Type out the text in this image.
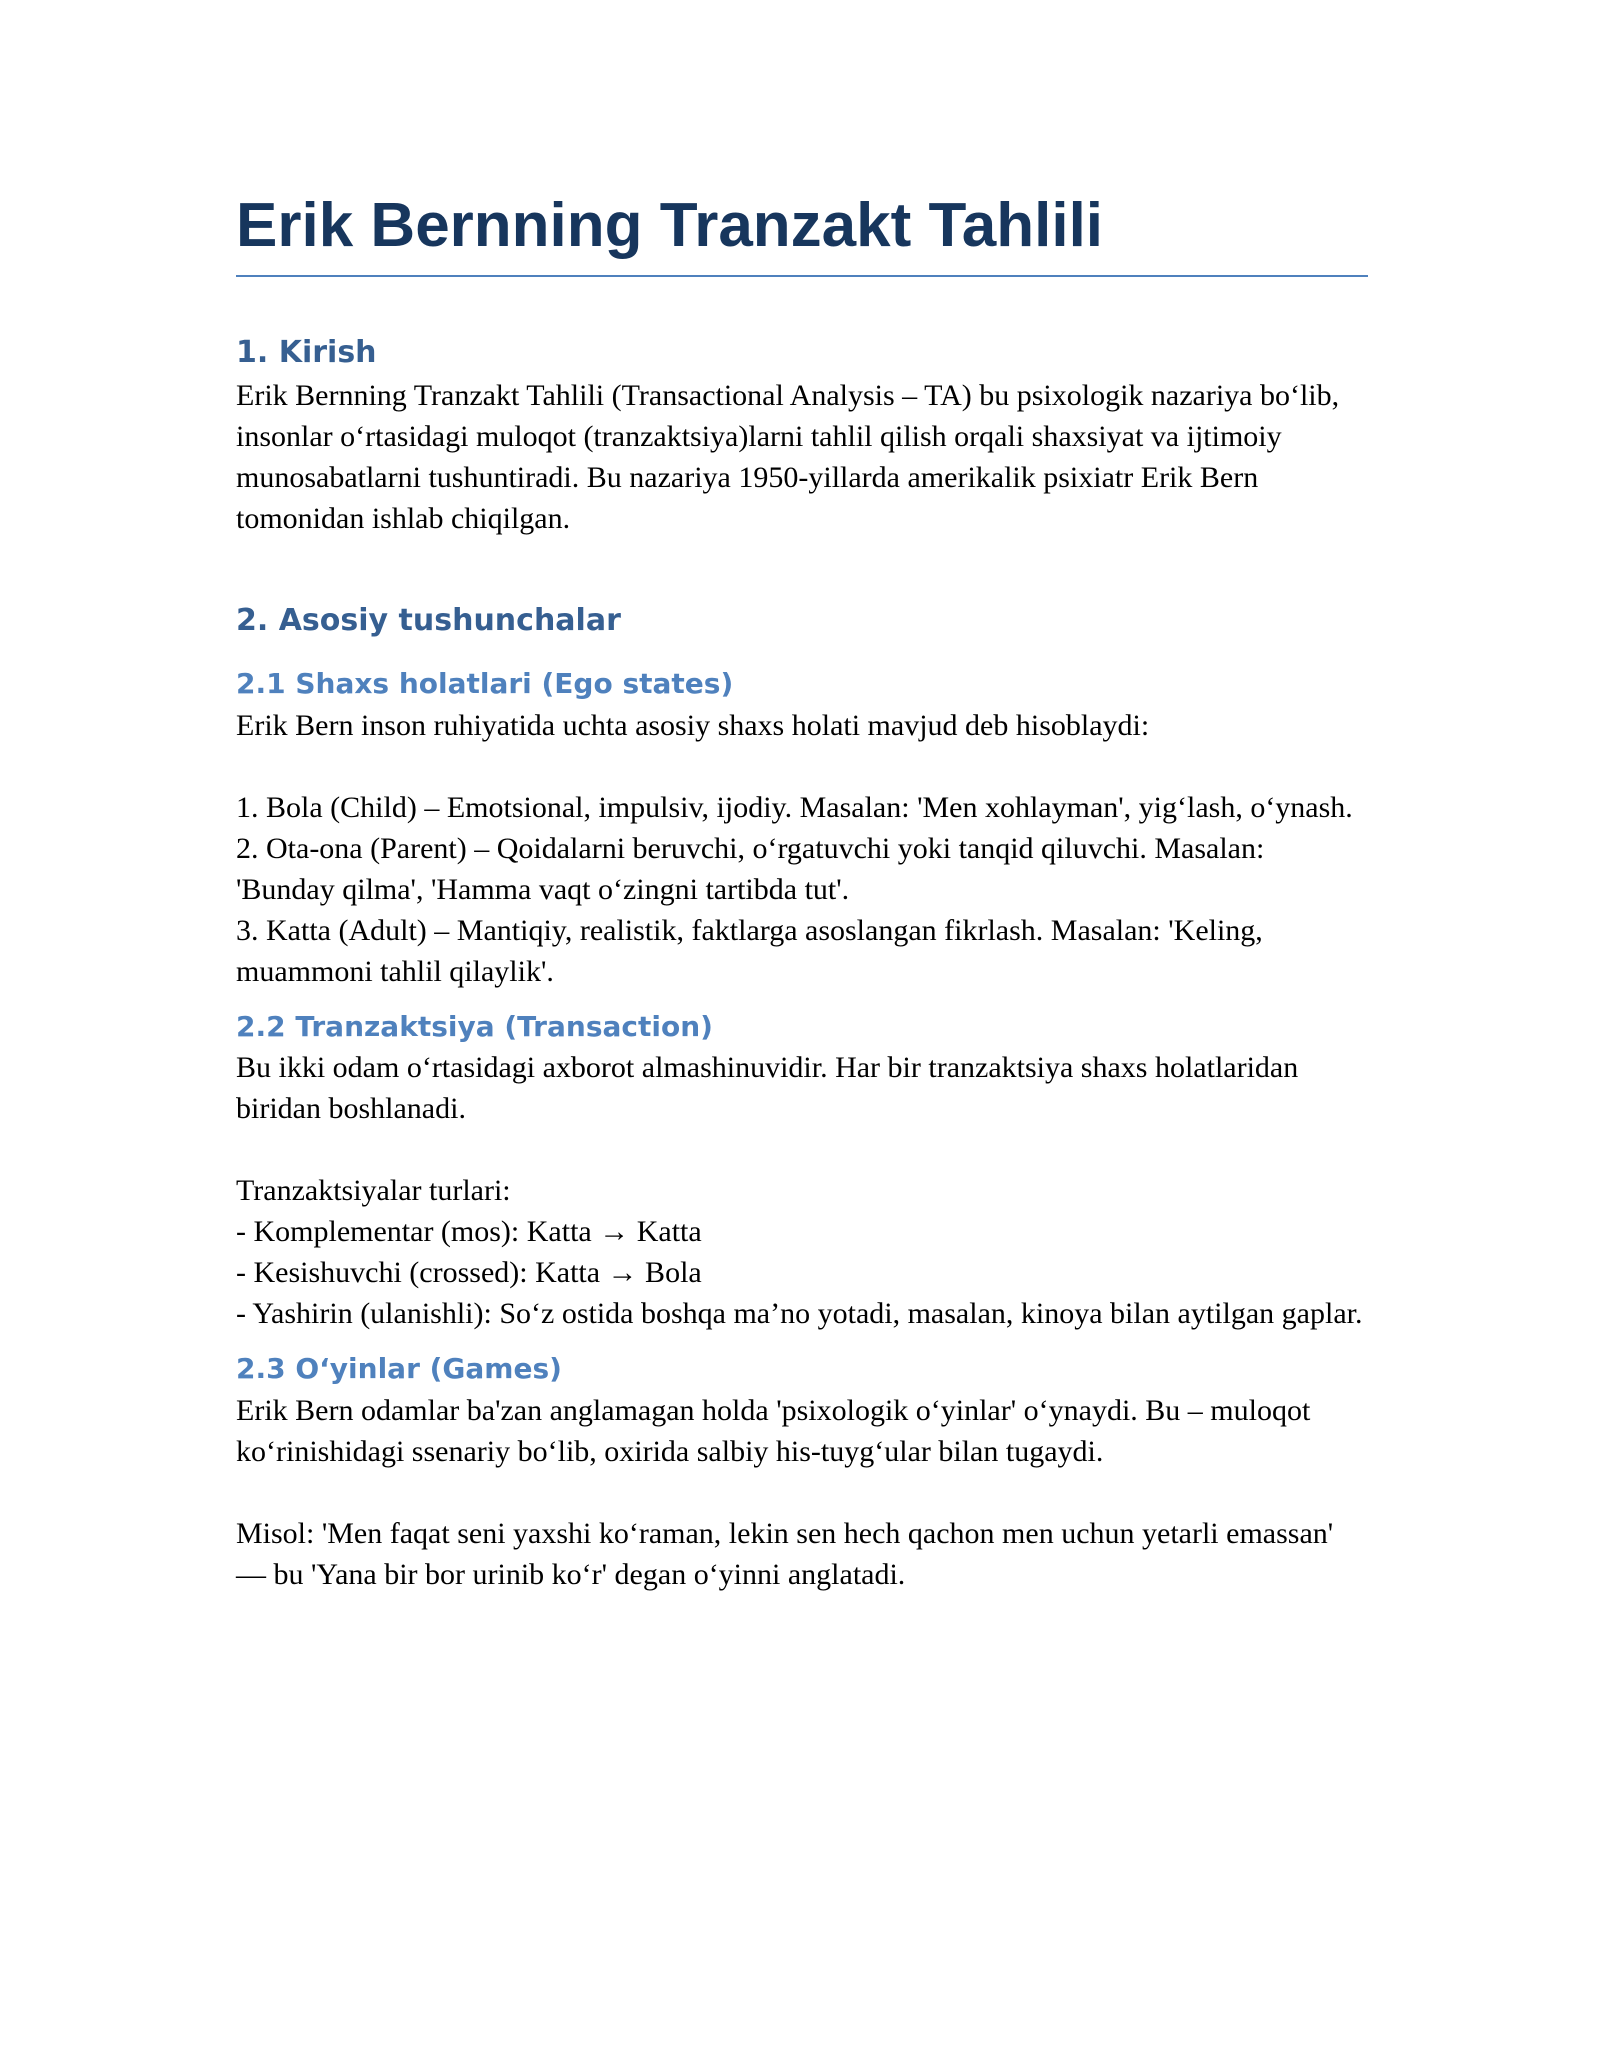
Erik Bernning Tranzakt Tahlili
1. Kirish

Erik Bernning Tranzakt Tahlili (Transactional Analysis – TA) bu psixologik nazariya bo‘lib, insonlar o‘rtasidagi muloqot (tranzaktsiya)larni tahlil qilish orqali shaxsiyat va ijtimoiy munosabatlarni tushuntiradi. Bu nazariya 1950-yillarda amerikalik psixiatr Erik Bern tomonidan ishlab chiqilgan.

2. Asosiy tushunchalar
2.1 Shaxs holatlari (Ego states)

Erik Bern inson ruhiyatida uchta asosiy shaxs holati mavjud deb hisoblaydi:

1. Bola (Child) – Emotsional, impulsiv, ijodiy. Masalan: 'Men xohlayman', yig‘lash, o‘ynash.

2. Ota-ona (Parent) – Qoidalarni beruvchi, o‘rgatuvchi yoki tanqid qiluvchi. Masalan: 'Bunday qilma', 'Hamma vaqt o‘zingni tartibda tut'.

3. Katta (Adult) – Mantiqiy, realistik, faktlarga asoslangan fikrlash. Masalan: 'Keling, muammoni tahlil qilaylik'.

2.2 Tranzaktsiya (Transaction)

Bu ikki odam o‘rtasidagi axborot almashinuvidir. Har bir tranzaktsiya shaxs holatlaridan biridan boshlanadi.

Tranzaktsiyalar turlari:

- Komplementar (mos): Katta → Katta

- Kesishuvchi (crossed): Katta → Bola

- Yashirin (ulanishli): So‘z ostida boshqa ma’no yotadi, masalan, kinoya bilan aytilgan gaplar.

2.3 O‘yinlar (Games)

Erik Bern odamlar ba'zan anglamagan holda 'psixologik o‘yinlar' o‘ynaydi. Bu – muloqot ko‘rinishidagi ssenariy bo‘lib, oxirida salbiy his-tuyg‘ular bilan tugaydi.

Misol: 'Men faqat seni yaxshi ko‘raman, lekin sen hech qachon men uchun yetarli emassan' — bu 'Yana bir bor urinib ko‘r' degan o‘yinni anglatadi.
